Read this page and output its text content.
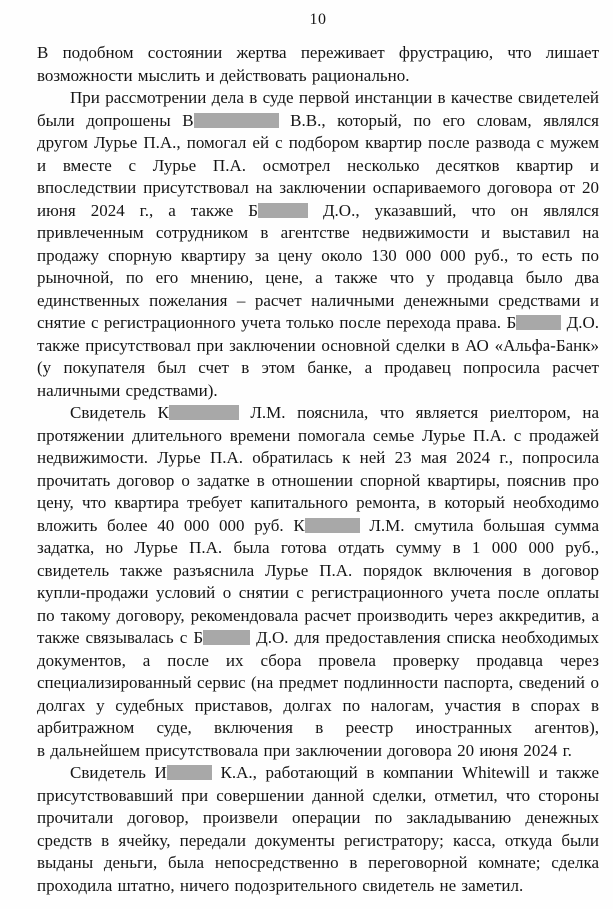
10

В подобном состоянии жертва переживает фрустрацию, что лишает возможности мыслить и действовать рационально.

При рассмотрении дела в суде первой инстанции в качестве свидетелей были допрошены В	В.В., который, по его словам, являлся другом Лурье П.А., помогал ей с подбором квартир после развода с мужем и вместе с Лурье П.А. осмотрел несколько десятков квартир и впоследствии присутствовал на заключении оспариваемого договора от 20 июня 2024 г., а также Б	Д.О., указавший, что он являлся привлеченным сотрудником в агентстве недвижимости и выставил на продажу спорную квартиру за цену около 130 000 000 руб., то есть по рыночной, по его мнению, цене, а также что у продавца было два единственных пожелания – расчет наличными денежными средствами и снятие с регистрационного учета только после перехода права. Б	Д.О. также присутствовал при заключении основной сделки в АО «Альфа-Банк» (у покупателя был счет в этом банке, а продавец попросила расчет наличными средствами).

Свидетель К	Л.М. пояснила, что является риелтором, на протяжении длительного времени помогала семье Лурье П.А. с продажей недвижимости. Лурье П.А. обратилась к ней 23 мая 2024 г., попросила прочитать договор о задатке в отношении спорной квартиры, пояснив про цену, что квартира требует капитального ремонта, в который необходимо вложить более 40 000 000 руб. К	Л.М. смутила большая сумма задатка, но Лурье П.А. была готова отдать сумму в 1 000 000 руб., свидетель также разъяснила Лурье П.А. порядок включения в договор купли-продажи условий о снятии с регистрационного учета после оплаты по такому договору, рекомендовала расчет производить через аккредитив, а также связывалась с Б	Д.О. для предоставления списка необходимых документов, а после их сбора провела проверку продавца через специализированный сервис (на предмет подлинности паспорта, сведений о долгах у судебных приставов, долгах по налогам, участия в спорах в арбитражном суде, включения в реестр иностранных агентов), в дальнейшем присутствовала при заключении договора 20 июня 2024 г.

Свидетель И	К.А., работающий в компании Whitewill и также присутствовавший при совершении данной сделки, отметил, что стороны прочитали договор, произвели операции по закладыванию денежных средств в ячейку, передали документы регистратору; касса, откуда были выданы деньги, была непосредственно в переговорной комнате; сделка проходила штатно, ничего подозрительного свидетель не заметил.
